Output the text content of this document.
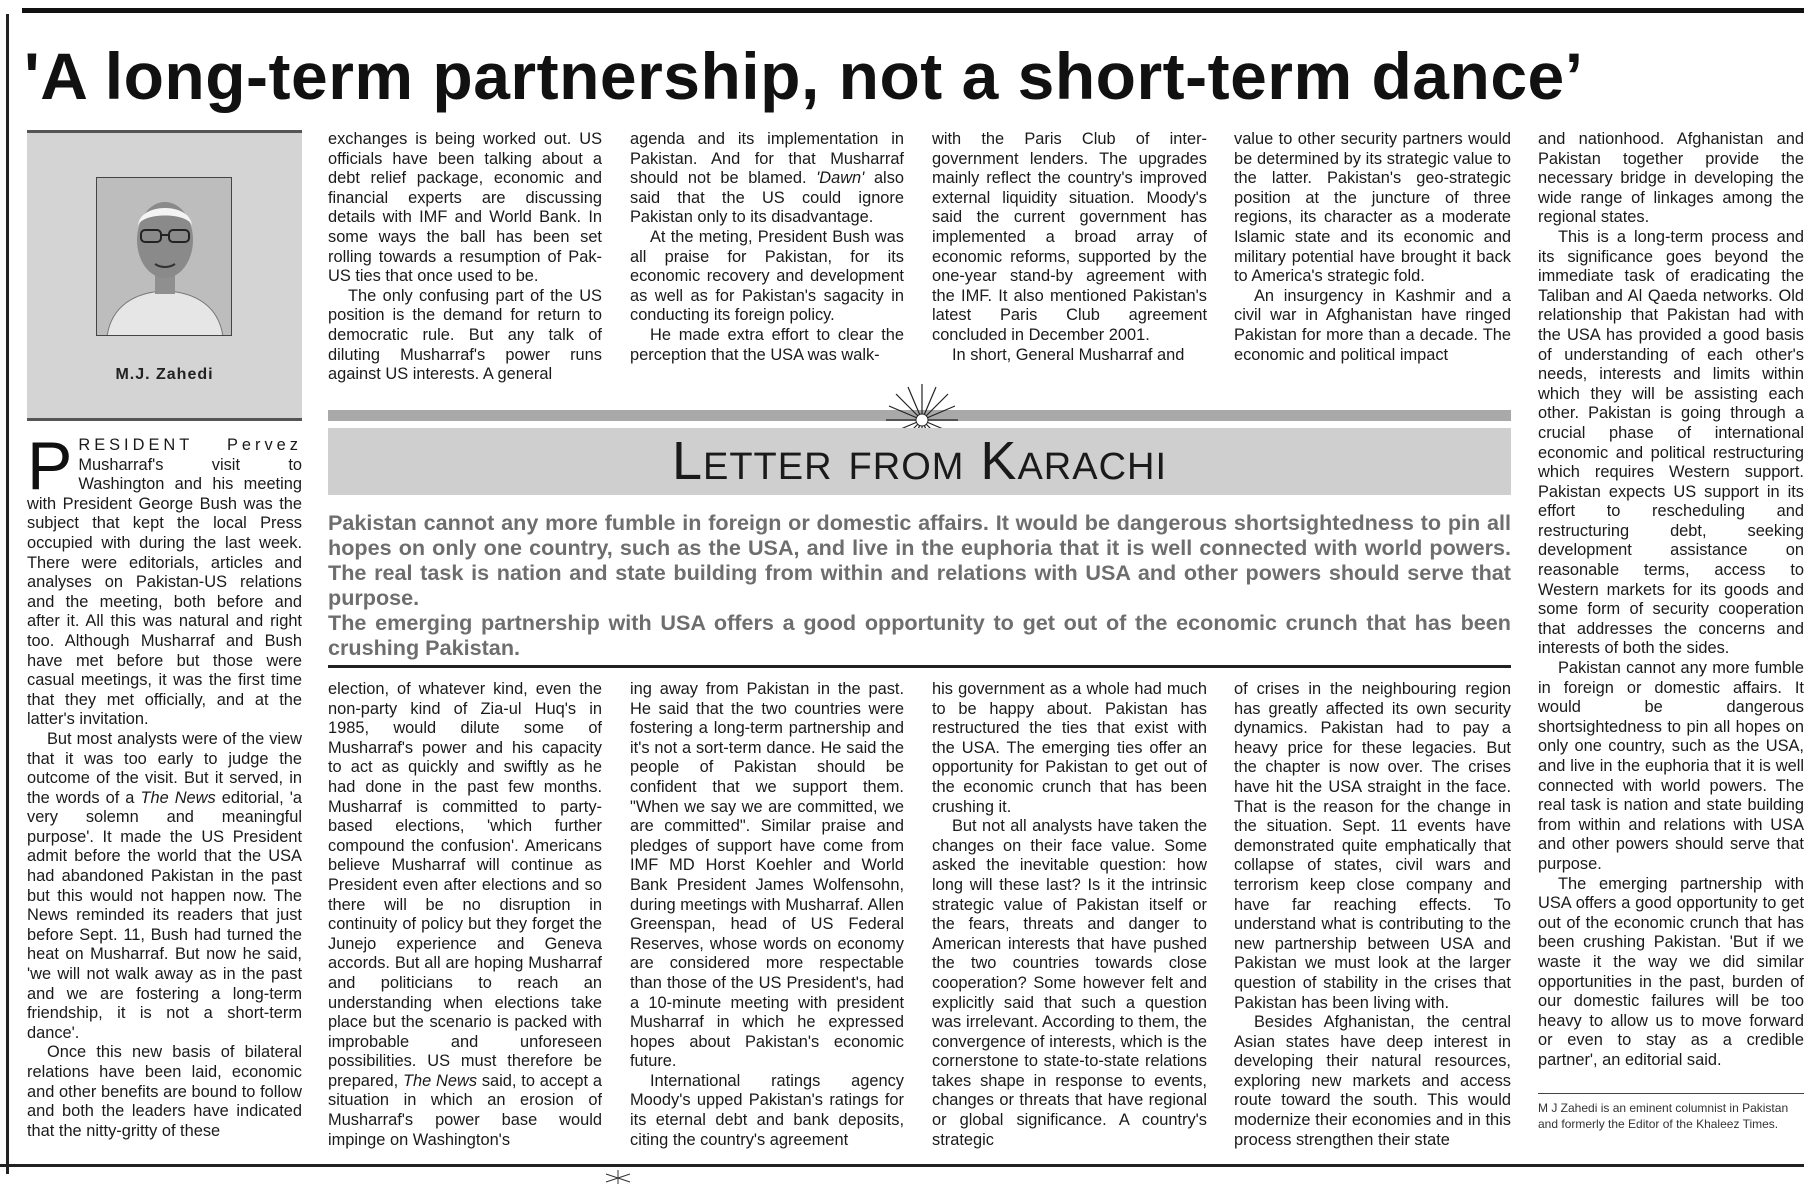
'A long-term partnership, not a short-term dance’
M.J. Zahedi

PRESIDENT Pervez Musharraf's visit to Washington and his meeting with President George Bush was the subject that kept the local Press occupied with during the last week. There were editorials, articles and analyses on Pakistan-US relations and the meeting, both before and after it. All this was natural and right too. Although Musharraf and Bush have met before but those were casual meetings, it was the first time that they met officially, and at the latter's invitation.

But most analysts were of the view that it was too early to judge the outcome of the visit. But it served, in the words of a The News editorial, 'a very solemn and meaningful purpose'. It made the US President admit before the world that the USA had abandoned Pakistan in the past but this would not happen now. The News reminded its readers that just before Sept. 11, Bush had turned the heat on Musharraf. But now he said, 'we will not walk away as in the past and we are fostering a long-term friendship, it is not a short-term dance'.

Once this new basis of bilateral relations have been laid, economic and other benefits are bound to follow and both the leaders have indicated that the nitty-gritty of these

exchanges is being worked out. US officials have been talking about a debt relief package, economic and financial experts are discussing details with IMF and World Bank. In some ways the ball has been set rolling towards a resumption of Pak-US ties that once used to be.

The only confusing part of the US position is the demand for return to democratic rule. But any talk of diluting Musharraf's power runs against US interests. A general

agenda and its implementation in Pakistan. And for that Musharraf should not be blamed. 'Dawn' also said that the US could ignore Pakistan only to its disadvantage.

At the meting, President Bush was all praise for Pakistan, for its economic recovery and development as well as for Pakistan's sagacity in conducting its foreign policy.

He made extra effort to clear the perception that the USA was walk-

with the Paris Club of inter-government lenders. The upgrades mainly reflect the country's improved external liquidity situation. Moody's said the current government has implemented a broad array of economic reforms, supported by the one-year stand-by agreement with the IMF. It also mentioned Pakistan's latest Paris Club agreement concluded in December 2001.

In short, General Musharraf and

value to other security partners would be determined by its strategic value to the latter. Pakistan's geo-strategic position at the juncture of three regions, its character as a moderate Islamic state and its economic and military potential have brought it back to America's strategic fold.

An insurgency in Kashmir and a civil war in Afghanistan have ringed Pakistan for more than a decade. The economic and political impact

Letter from Karachi

Pakistan cannot any more fumble in foreign or domestic affairs. It would be dangerous shortsightedness to pin all hopes on only one country, such as the USA, and live in the euphoria that it is well connected with world powers. The real task is nation and state building from within and relations with USA and other powers should serve that purpose.

The emerging partnership with USA offers a good opportunity to get out of the economic crunch that has been crushing Pakistan.

election, of whatever kind, even the non-party kind of Zia-ul Huq's in 1985, would dilute some of Musharraf's power and his capacity to act as quickly and swiftly as he had done in the past few months. Musharraf is committed to party-based elections, 'which further compound the confusion'. Americans believe Musharraf will continue as President even after elections and so there will be no disruption in continuity of policy but they forget the Junejo experience and Geneva accords. But all are hoping Musharraf and politicians to reach an understanding when elections take place but the scenario is packed with improbable and unforeseen possibilities. US must therefore be prepared, The News said, to accept a situation in which an erosion of Musharraf's power base would impinge on Washington's

ing away from Pakistan in the past. He said that the two countries were fostering a long-term partnership and it's not a sort-term dance. He said the people of Pakistan should be confident that we support them. "When we say we are committed, we are committed". Similar praise and pledges of support have come from IMF MD Horst Koehler and World Bank President James Wolfensohn, during meetings with Musharraf. Allen Greenspan, head of US Federal Reserves, whose words on economy are considered more respectable than those of the US President's, had a 10-minute meeting with president Musharraf in which he expressed hopes about Pakistan's economic future.

International ratings agency Moody's upped Pakistan's ratings for its eternal debt and bank deposits, citing the country's agreement

his government as a whole had much to be happy about. Pakistan has restructured the ties that exist with the USA. The emerging ties offer an opportunity for Pakistan to get out of the economic crunch that has been crushing it.

But not all analysts have taken the changes on their face value. Some asked the inevitable question: how long will these last? Is it the intrinsic strategic value of Pakistan itself or the fears, threats and danger to American interests that have pushed the two countries towards close cooperation? Some however felt and explicitly said that such a question was irrelevant. According to them, the convergence of interests, which is the cornerstone to state-to-state relations takes shape in response to events, changes or threats that have regional or global significance. A country's strategic

of crises in the neighbouring region has greatly affected its own security dynamics. Pakistan had to pay a heavy price for these legacies. But the chapter is now over. The crises have hit the USA straight in the face. That is the reason for the change in the situation. Sept. 11 events have demonstrated quite emphatically that collapse of states, civil wars and terrorism keep close company and have far reaching effects. To understand what is contributing to the new partnership between USA and Pakistan we must look at the larger question of stability in the crises that Pakistan has been living with.

Besides Afghanistan, the central Asian states have deep interest in developing their natural resources, exploring new markets and access route toward the south. This would modernize their economies and in this process strengthen their state

and nationhood. Afghanistan and Pakistan together provide the necessary bridge in developing the wide range of linkages among the regional states.

This is a long-term process and its significance goes beyond the immediate task of eradicating the Taliban and Al Qaeda networks. Old relationship that Pakistan had with the USA has provided a good basis of understanding of each other's needs, interests and limits within which they will be assisting each other. Pakistan is going through a crucial phase of international economic and political restructuring which requires Western support. Pakistan expects US support in its effort to rescheduling and restructuring debt, seeking development assistance on reasonable terms, access to Western markets for its goods and some form of security cooperation that addresses the concerns and interests of both the sides.

Pakistan cannot any more fumble in foreign or domestic affairs. It would be dangerous shortsightedness to pin all hopes on only one country, such as the USA, and live in the euphoria that it is well connected with world powers. The real task is nation and state building from within and relations with USA and other powers should serve that purpose.

The emerging partnership with USA offers a good opportunity to get out of the economic crunch that has been crushing Pakistan. 'But if we waste it the way we did similar opportunities in the past, burden of our domestic failures will be too heavy to allow us to move forward or even to stay as a credible partner', an editorial said.

M J Zahedi is an eminent columnist in Pakistan and formerly the Editor of the Khaleez Times.
